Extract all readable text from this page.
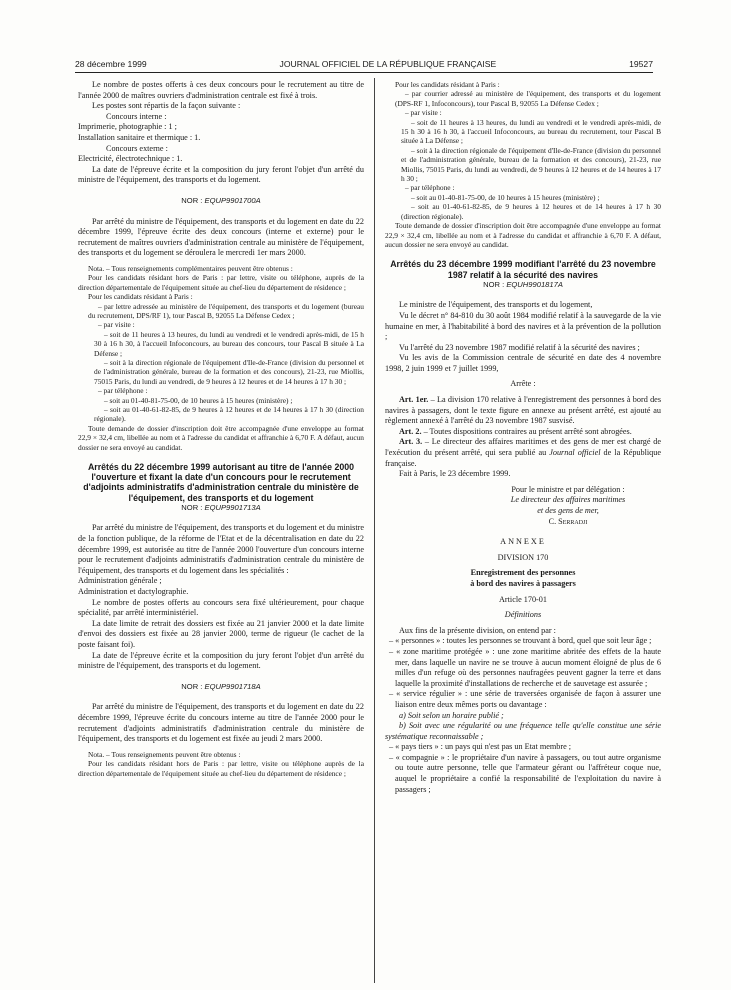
28 décembre 1999	JOURNAL OFFICIEL DE LA RÉPUBLIQUE FRANÇAISE	19527

Le nombre de postes offerts à ces deux concours pour le recrutement au titre de l'année 2000 de maîtres ouvriers d'administration centrale est fixé à trois.

Les postes sont répartis de la façon suivante :

Concours interne :

Imprimerie, photographie : 1 ;

Installation sanitaire et thermique : 1.

Concours externe :

Electricité, électrotechnique : 1.

La date de l'épreuve écrite et la composition du jury feront l'objet d'un arrêté du ministre de l'équipement, des transports et du logement.

NOR : EQUP9901700A

Par arrêté du ministre de l'équipement, des transports et du logement en date du 22 décembre 1999, l'épreuve écrite des deux concours (interne et externe) pour le recrutement de maîtres ouvriers d'administration centrale au ministère de l'équipement, des transports et du logement se déroulera le mercredi 1er mars 2000.

Nota. – Tous renseignements complémentaires peuvent être obtenus :

Pour les candidats résidant hors de Paris : par lettre, visite ou téléphone, auprès de la direction départementale de l'équipement située au chef-lieu du département de résidence ;

Pour les candidats résidant à Paris :

– par lettre adressée au ministère de l'équipement, des transports et du logement (bureau du recrutement, DPS/RF 1), tour Pascal B, 92055 La Défense Cedex ;

– par visite :

– soit de 11 heures à 13 heures, du lundi au vendredi et le vendredi après-midi, de 15 h 30 à 16 h 30, à l'accueil Infoconcours, au bureau des concours, tour Pascal B située à La Défense ;

– soit à la direction régionale de l'équipement d'Ile-de-France (division du personnel et de l'administration générale, bureau de la formation et des concours), 21-23, rue Miollis, 75015 Paris, du lundi au vendredi, de 9 heures à 12 heures et de 14 heures à 17 h 30 ;

– par téléphone :

– soit au 01-40-81-75-00, de 10 heures à 15 heures (ministère) ;

– soit au 01-40-61-82-85, de 9 heures à 12 heures et de 14 heures à 17 h 30 (direction régionale).

Toute demande de dossier d'inscription doit être accompagnée d'une enveloppe au format 22,9 × 32,4 cm, libellée au nom et à l'adresse du candidat et affranchie à 6,70 F. A défaut, aucun dossier ne sera envoyé au candidat.

Arrêtés du 22 décembre 1999 autorisant au titre de l'année 2000 l'ouverture et fixant la date d'un concours pour le recrutement d'adjoints administratifs d'administration centrale du ministère de l'équipement, des transports et du logement

NOR : EQUP9901713A

Par arrêté du ministre de l'équipement, des transports et du logement et du ministre de la fonction publique, de la réforme de l'Etat et de la décentralisation en date du 22 décembre 1999, est autorisée au titre de l'année 2000 l'ouverture d'un concours interne pour le recrutement d'adjoints administratifs d'administration centrale du ministère de l'équipement, des transports et du logement dans les spécialités :

Administration générale ;

Administration et dactylographie.

Le nombre de postes offerts au concours sera fixé ultérieurement, pour chaque spécialité, par arrêté interministériel.

La date limite de retrait des dossiers est fixée au 21 janvier 2000 et la date limite d'envoi des dossiers est fixée au 28 janvier 2000, terme de rigueur (le cachet de la poste faisant foi).

La date de l'épreuve écrite et la composition du jury feront l'objet d'un arrêté du ministre de l'équipement, des transports et du logement.

NOR : EQUP9901718A

Par arrêté du ministre de l'équipement, des transports et du logement en date du 22 décembre 1999, l'épreuve écrite du concours interne au titre de l'année 2000 pour le recrutement d'adjoints administratifs d'administration centrale du ministère de l'équipement, des transports et du logement est fixée au jeudi 2 mars 2000.

Nota. – Tous renseignements peuvent être obtenus :

Pour les candidats résidant hors de Paris : par lettre, visite ou téléphone auprès de la direction départementale de l'équipement située au chef-lieu du département de résidence ;

Pour les candidats résidant à Paris :

– par courrier adressé au ministère de l'équipement, des transports et du logement (DPS-RF 1, Infoconcours), tour Pascal B, 92055 La Défense Cedex ;

– par visite :

– soit de 11 heures à 13 heures, du lundi au vendredi et le vendredi après-midi, de 15 h 30 à 16 h 30, à l'accueil Infoconcours, au bureau du recrutement, tour Pascal B située à La Défense ;

– soit à la direction régionale de l'équipement d'Ile-de-France (division du personnel et de l'administration générale, bureau de la formation et des concours), 21-23, rue Miollis, 75015 Paris, du lundi au vendredi, de 9 heures à 12 heures et de 14 heures à 17 h 30 ;

– par téléphone :

– soit au 01-40-81-75-00, de 10 heures à 15 heures (ministère) ;

– soit au 01-40-61-82-85, de 9 heures à 12 heures et de 14 heures à 17 h 30 (direction régionale).

Toute demande de dossier d'inscription doit être accompagnée d'une enveloppe au format 22,9 × 32,4 cm, libellée au nom et à l'adresse du candidat et affranchie à 6,70 F. A défaut, aucun dossier ne sera envoyé au candidat.

Arrêtés du 23 décembre 1999 modifiant l'arrêté du 23 novembre 1987 relatif à la sécurité des navires

NOR : EQUH9901817A

Le ministre de l'équipement, des transports et du logement,

Vu le décret n° 84-810 du 30 août 1984 modifié relatif à la sauvegarde de la vie humaine en mer, à l'habitabilité à bord des navires et à la prévention de la pollution ;

Vu l'arrêté du 23 novembre 1987 modifié relatif à la sécurité des navires ;

Vu les avis de la Commission centrale de sécurité en date des 4 novembre 1998, 2 juin 1999 et 7 juillet 1999,

Arrête :

Art. 1er. – La division 170 relative à l'enregistrement des personnes à bord des navires à passagers, dont le texte figure en annexe au présent arrêté, est ajouté au règlement annexé à l'arrêté du 23 novembre 1987 susvisé.

Art. 2. – Toutes dispositions contraires au présent arrêté sont abrogées.

Art. 3. – Le directeur des affaires maritimes et des gens de mer est chargé de l'exécution du présent arrêté, qui sera publié au Journal officiel de la République française.

Fait à Paris, le 23 décembre 1999.

Pour le ministre et par délégation :

Le directeur des affaires maritimes

et des gens de mer,

C. Serradji

ANNEXE

DIVISION 170

Enregistrement des personnes

à bord des navires à passagers

Article 170-01

Définitions

Aux fins de la présente division, on entend par :

– « personnes » : toutes les personnes se trouvant à bord, quel que soit leur âge ;

– « zone maritime protégée » : une zone maritime abritée des effets de la haute mer, dans laquelle un navire ne se trouve à aucun moment éloigné de plus de 6 milles d'un refuge où des personnes naufragées peuvent gagner la terre et dans laquelle la proximité d'installations de recherche et de sauvetage est assurée ;

– « service régulier » : une série de traversées organisée de façon à assurer une liaison entre deux mêmes ports ou davantage :

a) Soit selon un horaire publié ;

b) Soit avec une régularité ou une fréquence telle qu'elle constitue une série systématique reconnaissable ;

– « pays tiers » : un pays qui n'est pas un Etat membre ;

– « compagnie » : le propriétaire d'un navire à passagers, ou tout autre organisme ou toute autre personne, telle que l'armateur gérant ou l'affréteur coque nue, auquel le propriétaire a confié la responsabilité de l'exploitation du navire à passagers ;
